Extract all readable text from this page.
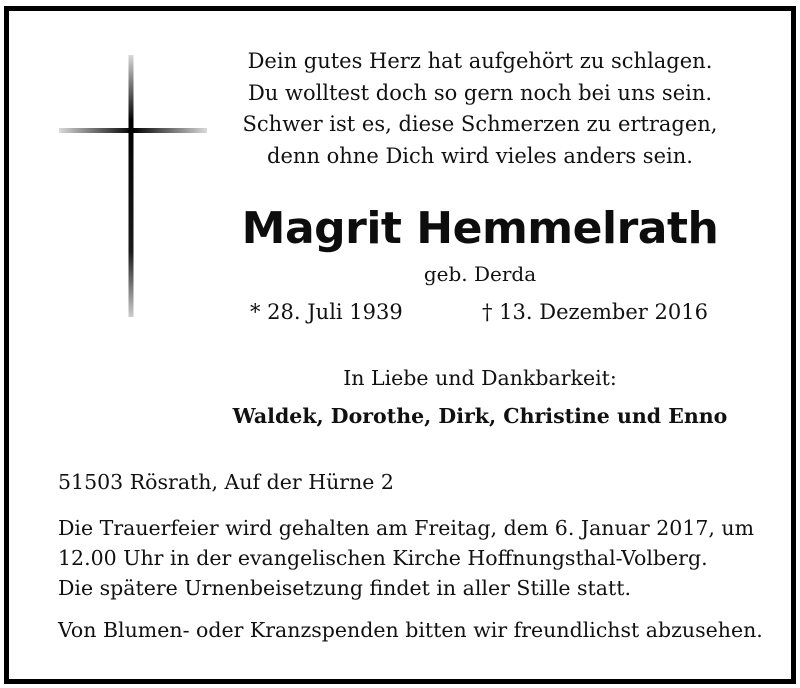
Dein gutes Herz hat aufgehört zu schlagen.
Du wolltest doch so gern noch bei uns sein.
Schwer ist es, diese Schmerzen zu ertragen,
denn ohne Dich wird vieles anders sein.
Magrit Hemmelrath
geb. Derda
* 28. Juli 1939	† 13. Dezember 2016
In Liebe und Dankbarkeit:
Waldek, Dorothe, Dirk, Christine und Enno
51503 Rösrath, Auf der Hürne 2
Die Trauerfeier wird gehalten am Freitag, dem 6. Januar 2017, um
12.00 Uhr in der evangelischen Kirche Hoffnungsthal-Volberg.
Die spätere Urnenbeisetzung findet in aller Stille statt.
Von Blumen- oder Kranzspenden bitten wir freundlichst abzusehen.
